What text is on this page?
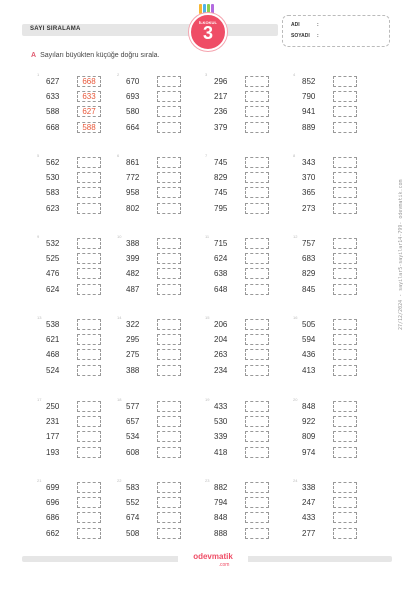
SAYI SIRALAMA
İLKOKUL
3	ADI	:
SOYADI :
A Sayıları büyükten küçüğe doğru sırala.
1
627	668
633	633
588	627
668	588
2
670
693
580
664
3
296
217
236
379
4
852
790
941
889
5
562
530
583
623
6
861
772
958
802
7
745
829
745
795
8
343
370
365
273
9
532
525
476
624
10
388
399
482
487
11
715
624
638
648
12
757
683
829
845
13
538
621
468
524
14
322
295
275
388
15
206
204
263
234
16
505
594
436
413
17
250
231
177
193
18
577
657
534
608
19
433
530
339
418
20
848
922
809
974
21
699
696
686
662
22
583
552
674
508
23
882
794
848
888
24
338
247
433
277
27/12/2024 - sayilar5-sayilar14-799- odevmatik.com
odevmatik
.com
